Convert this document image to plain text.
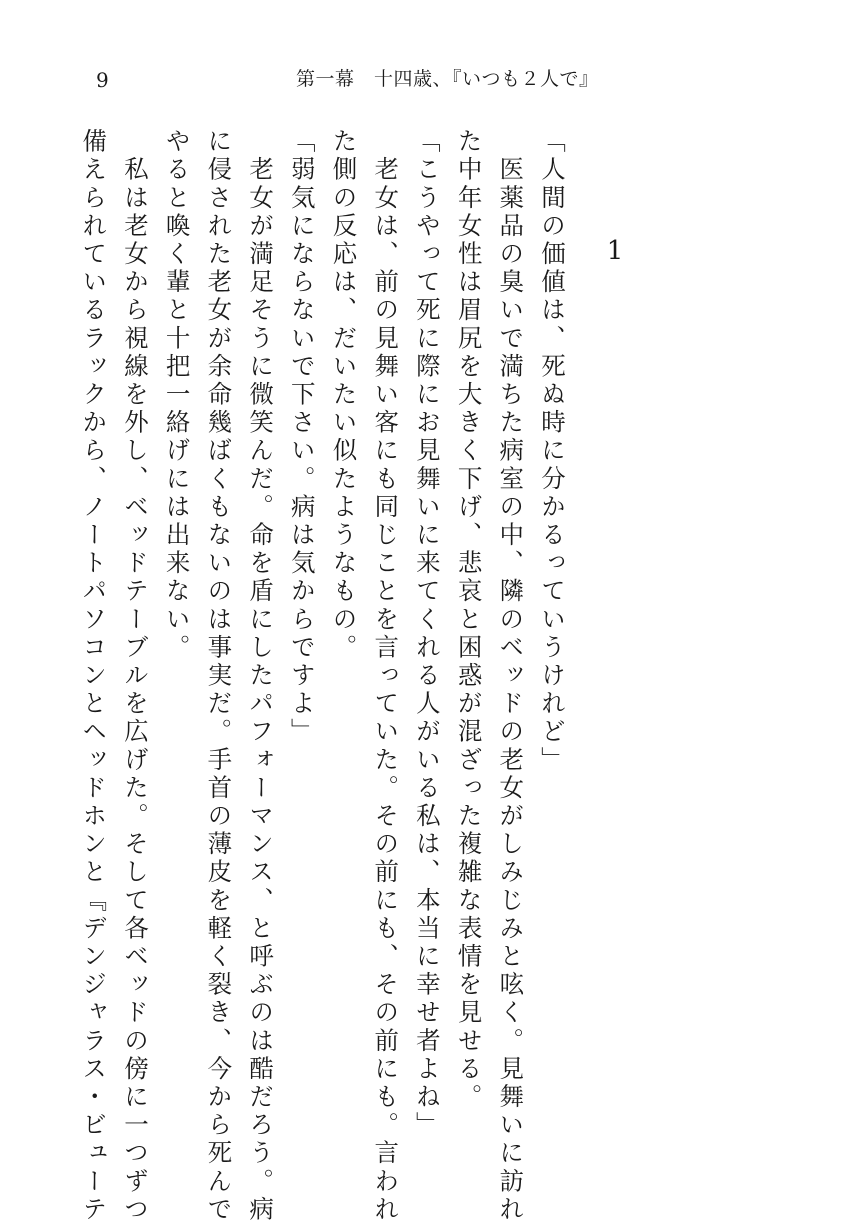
9	第一幕　十四歳、『いつも２人で』
1
「人間の価値は、死ぬ時に分かるっていうけれど」
　医薬品の臭いで満ちた病室の中、隣のベッドの老女がしみじみと呟く。見舞いに訪れ
た中年女性は眉尻を大きく下げ、悲哀と困惑が混ざった複雑な表情を見せる。
「こうやって死に際にお見舞いに来てくれる人がいる私は、本当に幸せ者よね」
　老女は、前の見舞い客にも同じことを言っていた。その前にも、その前にも。言われ
た側の反応は、だいたい似たようなもの。
「弱気にならないで下さい。病は気からですよ」
　老女が満足そうに微笑んだ。命を盾にしたパフォーマンス、と呼ぶのは酷だろう。病
に侵された老女が余命幾ばくもないのは事実だ。手首の薄皮を軽く裂き、今から死んで
やると喚く輩と十把一絡げには出来ない。
　私は老女から視線を外し、ベッドテーブルを広げた。そして各ベッドの傍に一つずつ
備えられているラックから、ノートパソコンとヘッドホンと『デンジャラス・ビューテ
